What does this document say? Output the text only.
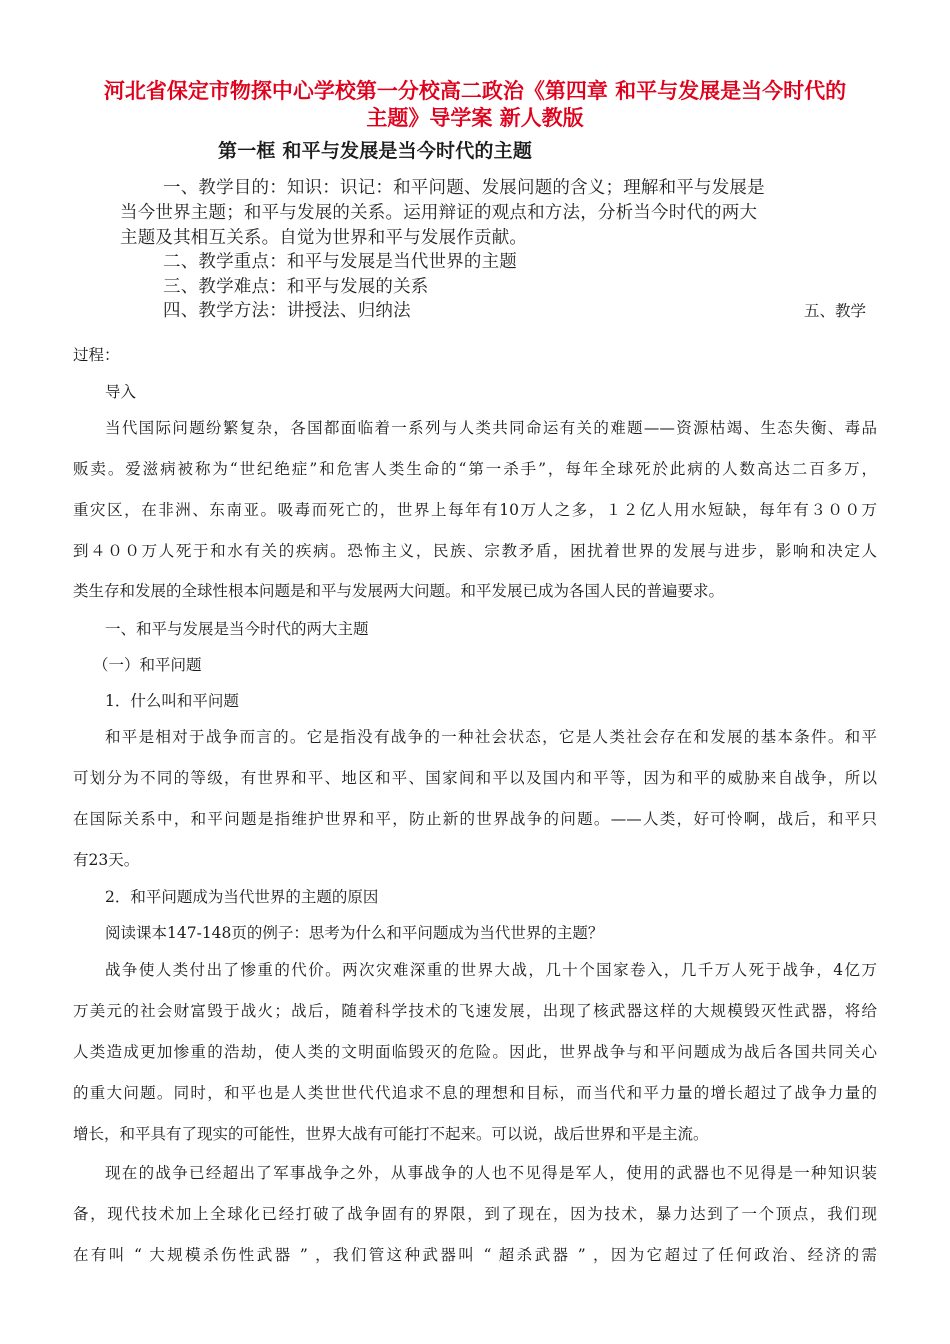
河北省保定市物探中心学校第一分校高二政治《第四章 和平与发展是当今时代的
主题》导学案 新人教版
第一框 和平与发展是当今时代的主题
一、教学目的：知识：识记：和平问题、发展问题的含义；理解和平与发展是
当今世界主题；和平与发展的关系。运用辩证的观点和方法，分析当今时代的两大
主题及其相互关系。自觉为世界和平与发展作贡献。
二、教学重点：和平与发展是当代世界的主题
三、教学难点：和平与发展的关系
四、教学方法：讲授法、归纳法	五、教学
过程：
导入
当代国际问题纷繁复杂，各国都面临着一系列与人类共同命运有关的难题——资源枯竭、生态失衡、毒品
贩卖。爱滋病被称为“世纪绝症”和危害人类生命的“第一杀手”，每年全球死於此病的人数高达二百多万，
重灾区，在非洲、东南亚。吸毒而死亡的，世界上每年有10万人之多，１２亿人用水短缺，每年有３００万
到４００万人死于和水有关的疾病。恐怖主义，民族、宗教矛盾，困扰着世界的发展与进步，影响和决定人
类生存和发展的全球性根本问题是和平与发展两大问题。和平发展已成为各国人民的普遍要求。
一、和平与发展是当今时代的两大主题
（一）和平问题
1．什么叫和平问题
和平是相对于战争而言的。它是指没有战争的一种社会状态，它是人类社会存在和发展的基本条件。和平
可划分为不同的等级，有世界和平、地区和平、国家间和平以及国内和平等，因为和平的威胁来自战争，所以
在国际关系中，和平问题是指维护世界和平，防止新的世界战争的问题。——人类，好可怜啊，战后，和平只
有23天。
2．和平问题成为当代世界的主题的原因
阅读课本147-148页的例子：思考为什么和平问题成为当代世界的主题？
战争使人类付出了惨重的代价。两次灾难深重的世界大战，几十个国家卷入，几千万人死于战争，4亿万
万美元的社会财富毁于战火；战后，随着科学技术的飞速发展，出现了核武器这样的大规模毁灭性武器，将给
人类造成更加惨重的浩劫，使人类的文明面临毁灭的危险。因此，世界战争与和平问题成为战后各国共同关心
的重大问题。同时，和平也是人类世世代代追求不息的理想和目标，而当代和平力量的增长超过了战争力量的
增长，和平具有了现实的可能性，世界大战有可能打不起来。可以说，战后世界和平是主流。
现在的战争已经超出了军事战争之外，从事战争的人也不见得是军人，使用的武器也不见得是一种知识装
备，现代技术加上全球化已经打破了战争固有的界限，到了现在，因为技术，暴力达到了一个顶点，我们现
在有叫 “ 大规模杀伤性武器 ” ，我们管这种武器叫 “ 超杀武器 ” ，因为它超过了任何政治、经济的需
